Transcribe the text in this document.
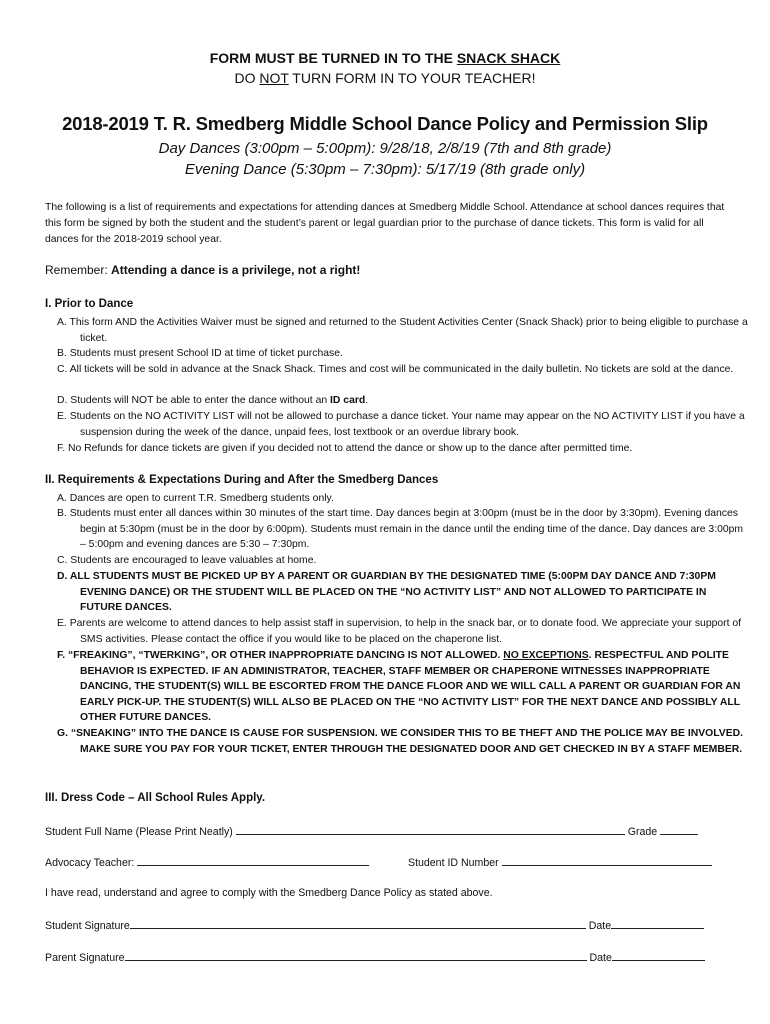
FORM MUST BE TURNED IN TO THE SNACK SHACK
DO NOT TURN FORM IN TO YOUR TEACHER!
2018-2019 T. R. Smedberg Middle School Dance Policy and Permission Slip
Day Dances (3:00pm – 5:00pm): 9/28/18, 2/8/19 (7th and 8th grade)
Evening Dance (5:30pm – 7:30pm): 5/17/19 (8th grade only)
The following is a list of requirements and expectations for attending dances at Smedberg Middle School. Attendance at school dances requires that this form be signed by both the student and the student’s parent or legal guardian prior to the purchase of dance tickets. This form is valid for all dances for the 2018-2019 school year.
Remember: Attending a dance is a privilege, not a right!
I. Prior to Dance
A. This form AND the Activities Waiver must be signed and returned to the Student Activities Center (Snack Shack) prior to being eligible to purchase a ticket.
B. Students must present School ID at time of ticket purchase.
C. All tickets will be sold in advance at the Snack Shack. Times and cost will be communicated in the daily bulletin. No tickets are sold at the dance.
D. Students will NOT be able to enter the dance without an ID card.
E. Students on the NO ACTIVITY LIST will not be allowed to purchase a dance ticket. Your name may appear on the NO ACTIVITY LIST if you have a suspension during the week of the dance, unpaid fees, lost textbook or an overdue library book.
F. No Refunds for dance tickets are given if you decided not to attend the dance or show up to the dance after permitted time.
II. Requirements & Expectations During and After the Smedberg Dances
A. Dances are open to current T.R. Smedberg students only.
B. Students must enter all dances within 30 minutes of the start time. Day dances begin at 3:00pm (must be in the door by 3:30pm). Evening dances begin at 5:30pm (must be in the door by 6:00pm). Students must remain in the dance until the ending time of the dance. Day dances are 3:00pm – 5:00pm and evening dances are 5:30 – 7:30pm.
C. Students are encouraged to leave valuables at home.
D. ALL STUDENTS MUST BE PICKED UP BY A PARENT OR GUARDIAN BY THE DESIGNATED TIME (5:00PM DAY DANCE AND 7:30PM EVENING DANCE) OR THE STUDENT WILL BE PLACED ON THE “NO ACTIVITY LIST” AND NOT ALLOWED TO PARTICIPATE IN FUTURE DANCES.
E. Parents are welcome to attend dances to help assist staff in supervision, to help in the snack bar, or to donate food. We appreciate your support of SMS activities. Please contact the office if you would like to be placed on the chaperone list.
F. “FREAKING”, “TWERKING”, OR OTHER INAPPROPRIATE DANCING IS NOT ALLOWED. NO EXCEPTIONS. RESPECTFUL AND POLITE BEHAVIOR IS EXPECTED. IF AN ADMINISTRATOR, TEACHER, STAFF MEMBER OR CHAPERONE WITNESSES INAPPROPRIATE DANCING, THE STUDENT(S) WILL BE ESCORTED FROM THE DANCE FLOOR AND WE WILL CALL A PARENT OR GUARDIAN FOR AN EARLY PICK-UP. THE STUDENT(S) WILL ALSO BE PLACED ON THE “NO ACTIVITY LIST” FOR THE NEXT DANCE AND POSSIBLY ALL OTHER FUTURE DANCES.
G. “SNEAKING” INTO THE DANCE IS CAUSE FOR SUSPENSION. WE CONSIDER THIS TO BE THEFT AND THE POLICE MAY BE INVOLVED. MAKE SURE YOU PAY FOR YOUR TICKET, ENTER THROUGH THE DESIGNATED DOOR AND GET CHECKED IN BY A STAFF MEMBER.
III. Dress Code – All School Rules Apply.
Student Full Name (Please Print Neatly)	Grade
Advocacy Teacher:	Student ID Number
I have read, understand and agree to comply with the Smedberg Dance Policy as stated above.
Student Signature	Date
Parent Signature	Date
